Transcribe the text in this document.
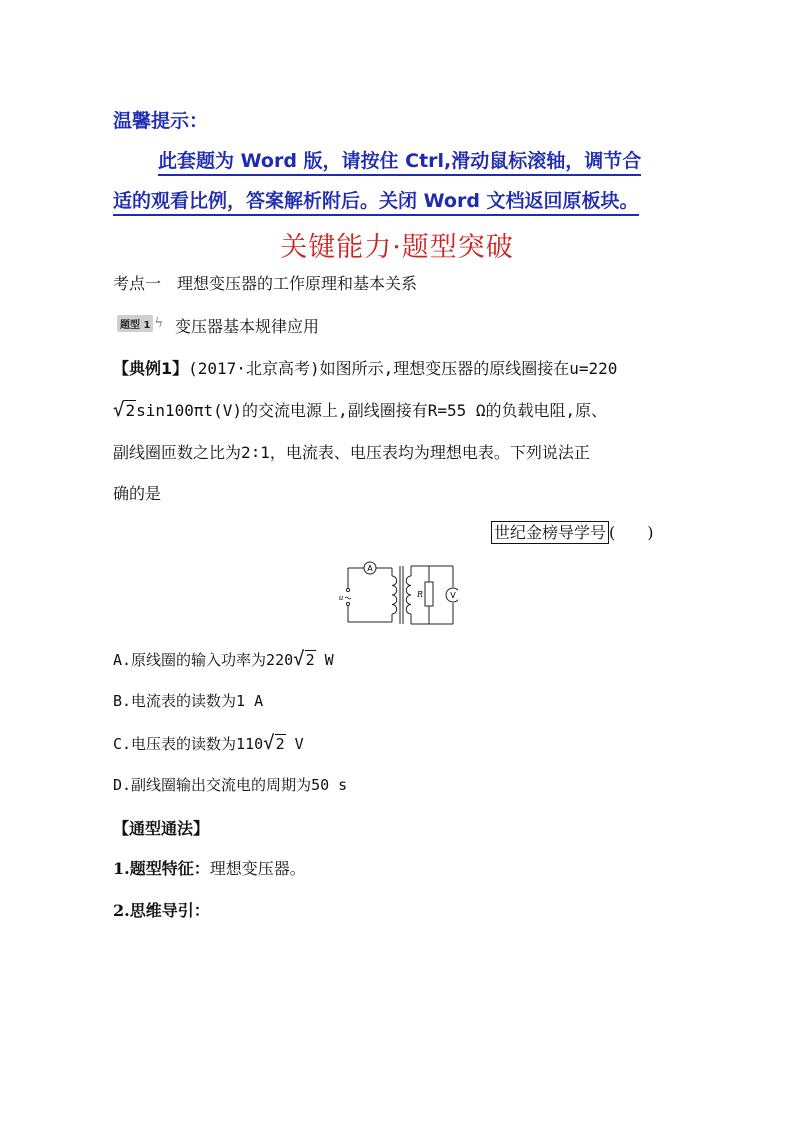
温馨提示：
此套题为 Word 版，请按住 Ctrl,滑动鼠标滚轴，调节合
适的观看比例，答案解析附后。关闭 Word 文档返回原板块。
关键能力·题型突破
考点一　理想变压器的工作原理和基本关系
题型 1 ϟ 变压器基本规律应用
【典例1】(2017·北京高考)如图所示,理想变压器的原线圈接在u=220
√2sin100πt(V)的交流电源上,副线圈接有R=55 Ω的负载电阻,原、
副线圈匝数之比为2∶1，电流表、电压表均为理想电表。下列说法正
确的是
世纪金榜导学号 (　　)
A
V
R
u
A.原线圈的输入功率为220√2 W
B.电流表的读数为1 A
C.电压表的读数为110√2 V
D.副线圈输出交流电的周期为50 s
【通型通法】
1.题型特征：理想变压器。
2.思维导引：
